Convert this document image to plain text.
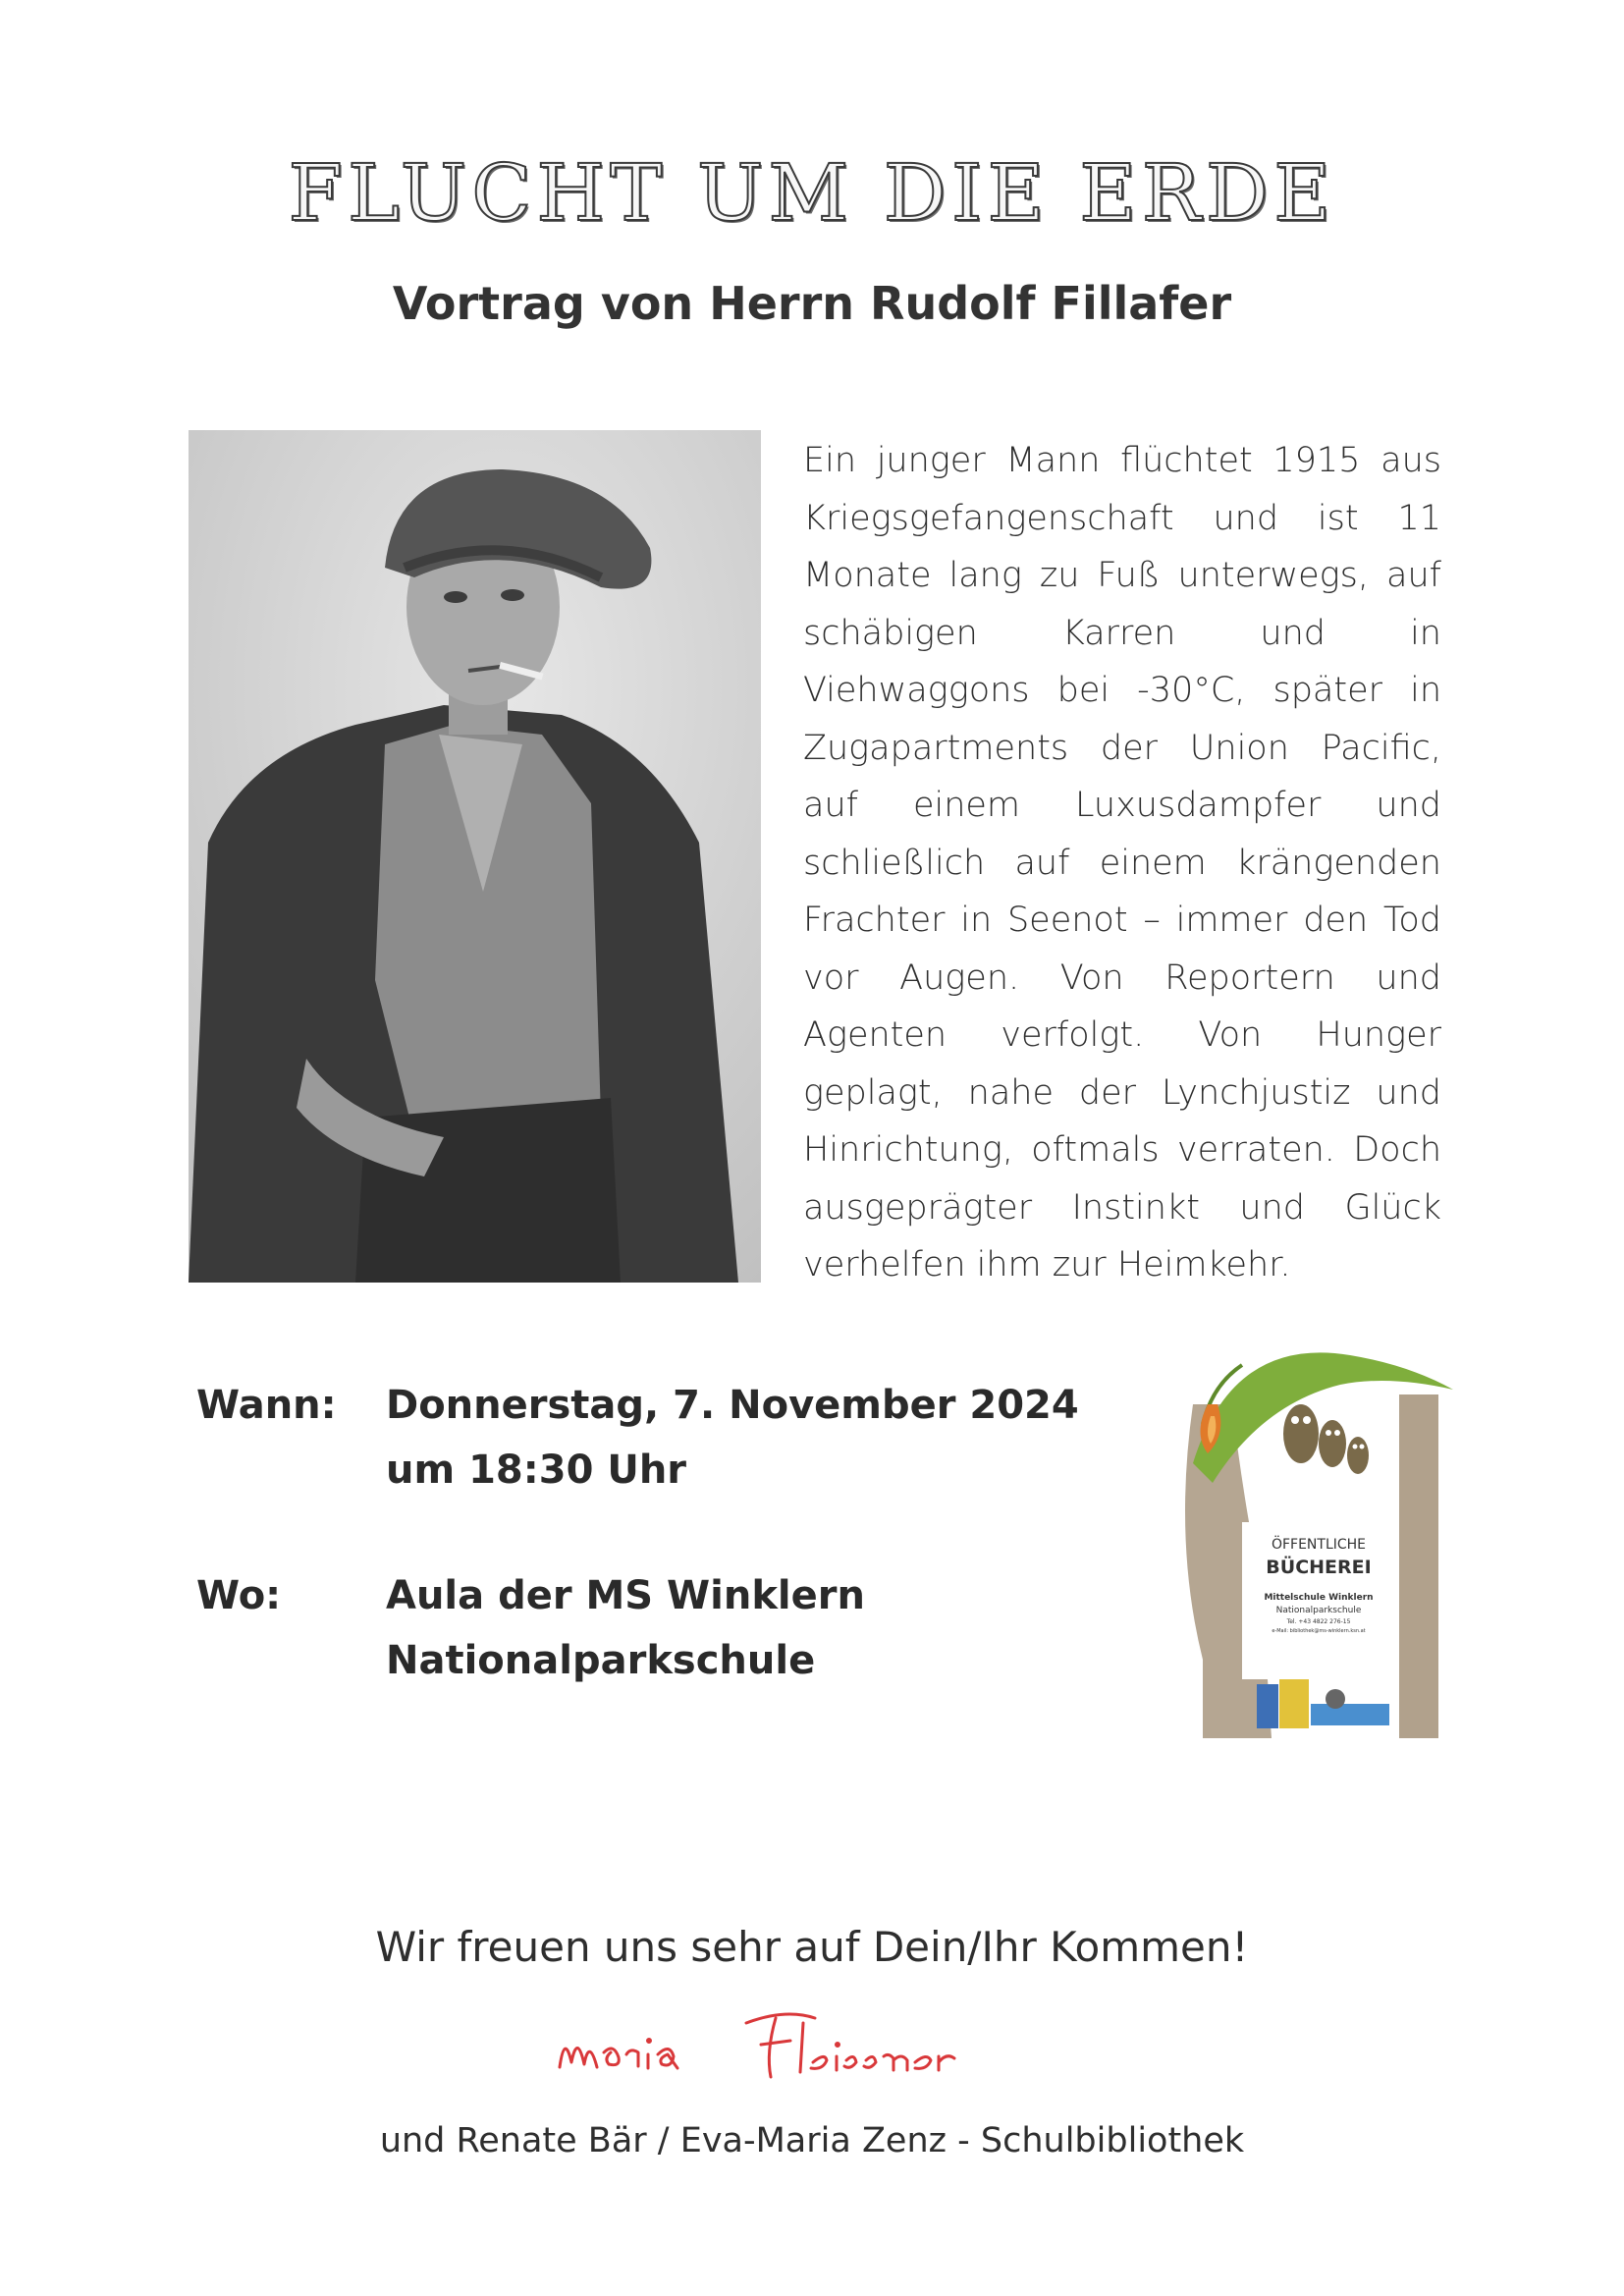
FLUCHT UM DIE ERDE
Vortrag von Herrn Rudolf Fillafer

Ein junger Mann flüchtet 1915 aus Kriegsgefangenschaft und ist 11 Monate lang zu Fuß unterwegs, auf schäbigen Karren und in Viehwaggons bei -30°C, später in Zugapartments der Union Pacific, auf einem Luxusdampfer und schließlich auf einem krängenden Frachter in Seenot – immer den Tod vor Augen. Von Reportern und Agenten verfolgt. Von Hunger geplagt, nahe der Lynchjustiz und Hinrichtung, oftmals verraten. Doch ausgeprägter Instinkt und Glück verhelfen ihm zur Heimkehr.

Wann: Donnerstag, 7. November 2024
um 18:30 Uhr
Wo:	Aula der MS Winklern
Nationalparkschule
ÖFFENTLICHE
BÜCHEREI
Mittelschule Winklern
Nationalparkschule
Tel. +43 4822 276-15
e-Mail: bibliothek@ms-winklern.ksn.at
Wir freuen uns sehr auf Dein/Ihr Kommen!
und Renate Bär / Eva-Maria Zenz - Schulbibliothek
